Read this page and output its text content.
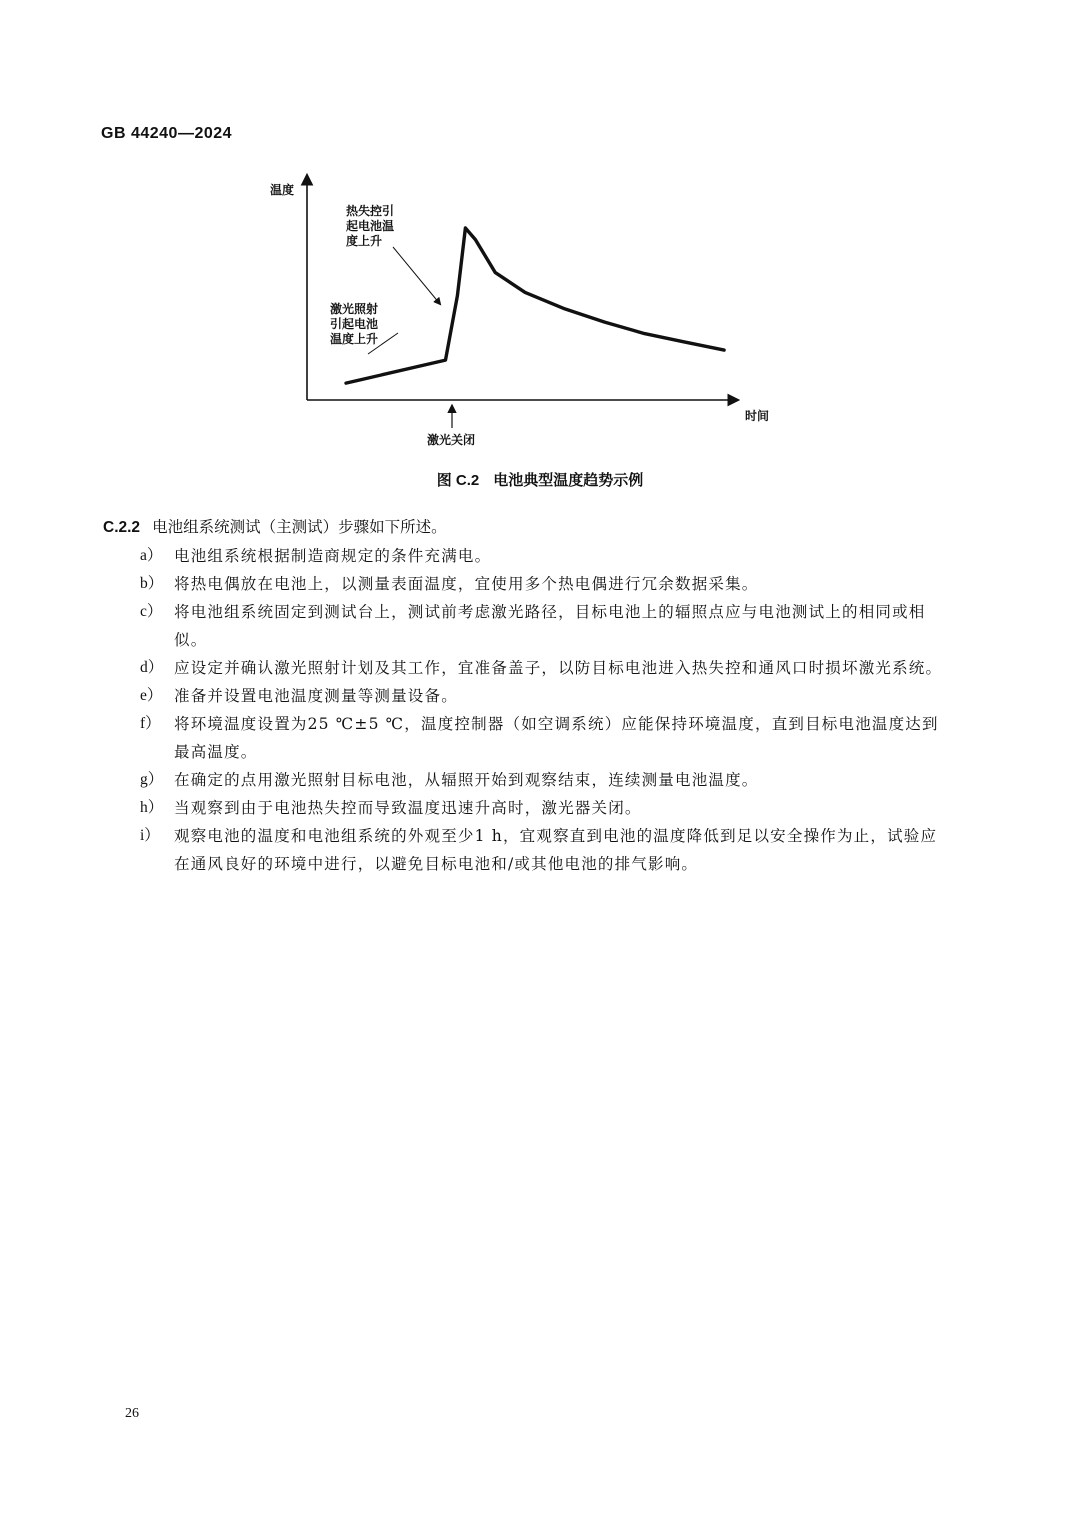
GB 44240—2024
温度
时间
热失控引
起电池温
度上升
激光照射
引起电池
温度上升
激光关闭
图 C.2 电池典型温度趋势示例
C.2.2 电池组系统测试（主测试）步骤如下所述。
a） 电池组系统根据制造商规定的条件充满电。
b） 将热电偶放在电池上，以测量表面温度，宜使用多个热电偶进行冗余数据采集。
c） 将电池组系统固定到测试台上，测试前考虑激光路径，目标电池上的辐照点应与电池测试上的相同或相似。
d） 应设定并确认激光照射计划及其工作，宜准备盖子，以防目标电池进入热失控和通风口时损坏激光系统。
e） 准备并设置电池温度测量等测量设备。
f） 将环境温度设置为25 ℃±5 ℃，温度控制器（如空调系统）应能保持环境温度，直到目标电池温度达到最高温度。
g） 在确定的点用激光照射目标电池，从辐照开始到观察结束，连续测量电池温度。
h） 当观察到由于电池热失控而导致温度迅速升高时，激光器关闭。
i） 观察电池的温度和电池组系统的外观至少1 h，宜观察直到电池的温度降低到足以安全操作为止，试验应在通风良好的环境中进行，以避免目标电池和/或其他电池的排气影响。
26
